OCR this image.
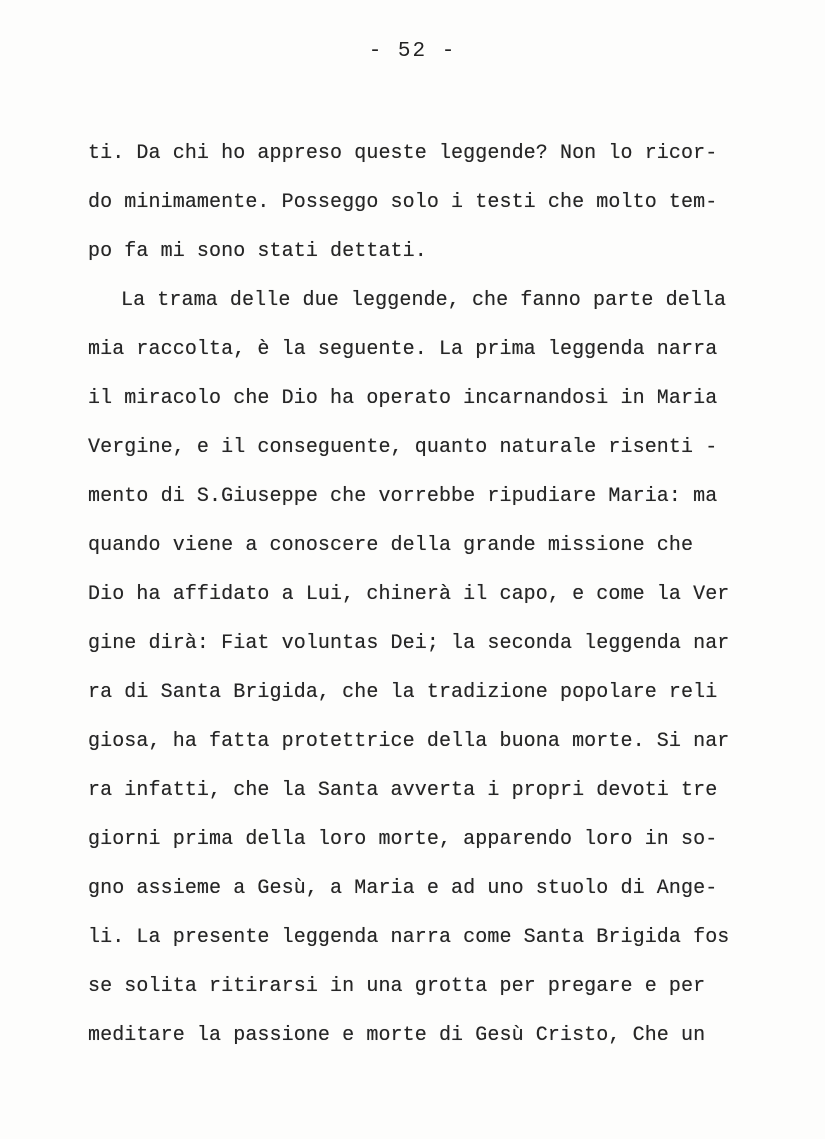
- 52 -
ti. Da chi ho appreso queste leggende? Non lo ricor-
do minimamente. Posseggo solo i testi che molto tem-
po fa mi sono stati dettati.
La trama delle due leggende, che fanno parte della
mia raccolta, è la seguente. La prima leggenda narra
il miracolo che Dio ha operato incarnandosi in Maria
Vergine, e il conseguente, quanto naturale risenti -
mento di S.Giuseppe che vorrebbe ripudiare Maria: ma
quando viene a conoscere della grande missione che
Dio ha affidato a Lui, chinerà il capo, e come la Ver
gine dirà: Fiat voluntas Dei; la seconda leggenda nar
ra di Santa Brigida, che la tradizione popolare reli
giosa, ha fatta protettrice della buona morte. Si nar
ra infatti, che la Santa avverta i propri devoti tre
giorni prima della loro morte, apparendo loro in so-
gno assieme a Gesù, a Maria e ad uno stuolo di Ange-
li. La presente leggenda narra come Santa Brigida fos
se solita ritirarsi in una grotta per pregare e per
meditare la passione e morte di Gesù Cristo, Che un
